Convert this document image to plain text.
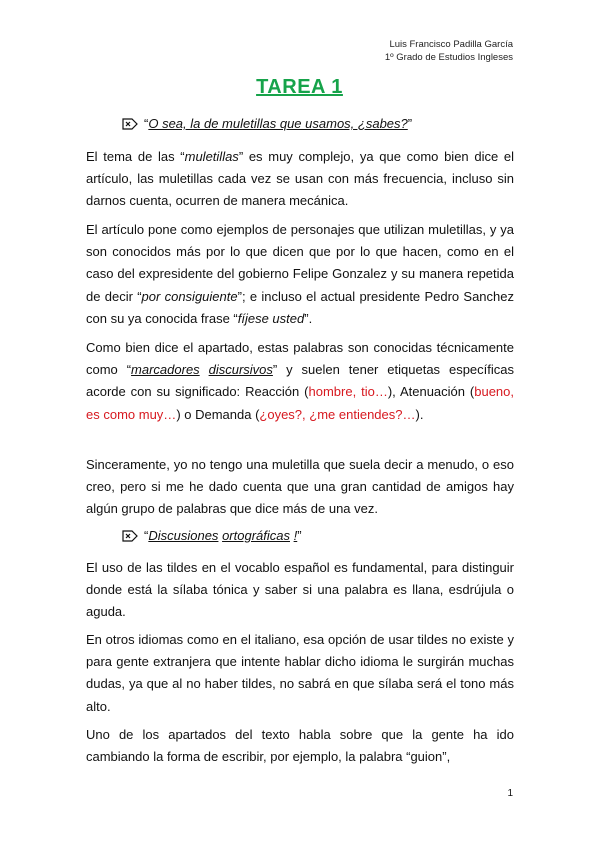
Luis Francisco Padilla García
1º Grado de Estudios Ingleses
TAREA 1
“O sea, la de muletillas que usamos, ¿sabes?”
El tema de las “muletillas” es muy complejo, ya que como bien dice el artículo, las muletillas cada vez se usan con más frecuencia, incluso sin darnos cuenta, ocurren de manera mecánica.
El artículo pone como ejemplos de personajes que utilizan muletillas, y ya son conocidos más por lo que dicen que por lo que hacen, como en el caso del expresidente del gobierno Felipe Gonzalez y su manera repetida de decir “por consiguiente”; e incluso el actual presidente Pedro Sanchez con su ya conocida frase “fíjese usted”.
Como bien dice el apartado, estas palabras son conocidas técnicamente como “marcadores discursivos” y suelen tener etiquetas específicas acorde con su significado: Reacción (hombre, tio…), Atenuación (bueno, es como muy…) o Demanda (¿oyes?, ¿me entiendes?…).
Sinceramente, yo no tengo una muletilla que suela decir a menudo, o eso creo, pero si me he dado cuenta que una gran cantidad de amigos hay algún grupo de palabras que dice más de una vez.
“Discusiones ortográficas !”
El uso de las tildes en el vocablo español es fundamental, para distinguir donde está la sílaba tónica y saber si una palabra es llana, esdrújula o aguda.
En otros idiomas como en el italiano, esa opción de usar tildes no existe y para gente extranjera que intente hablar dicho idioma le surgirán muchas dudas, ya que al no haber tildes, no sabrá en que sílaba será el tono más alto.
Uno de los apartados del texto habla sobre que la gente ha ido cambiando la forma de escribir, por ejemplo, la palabra “guion”,
1
